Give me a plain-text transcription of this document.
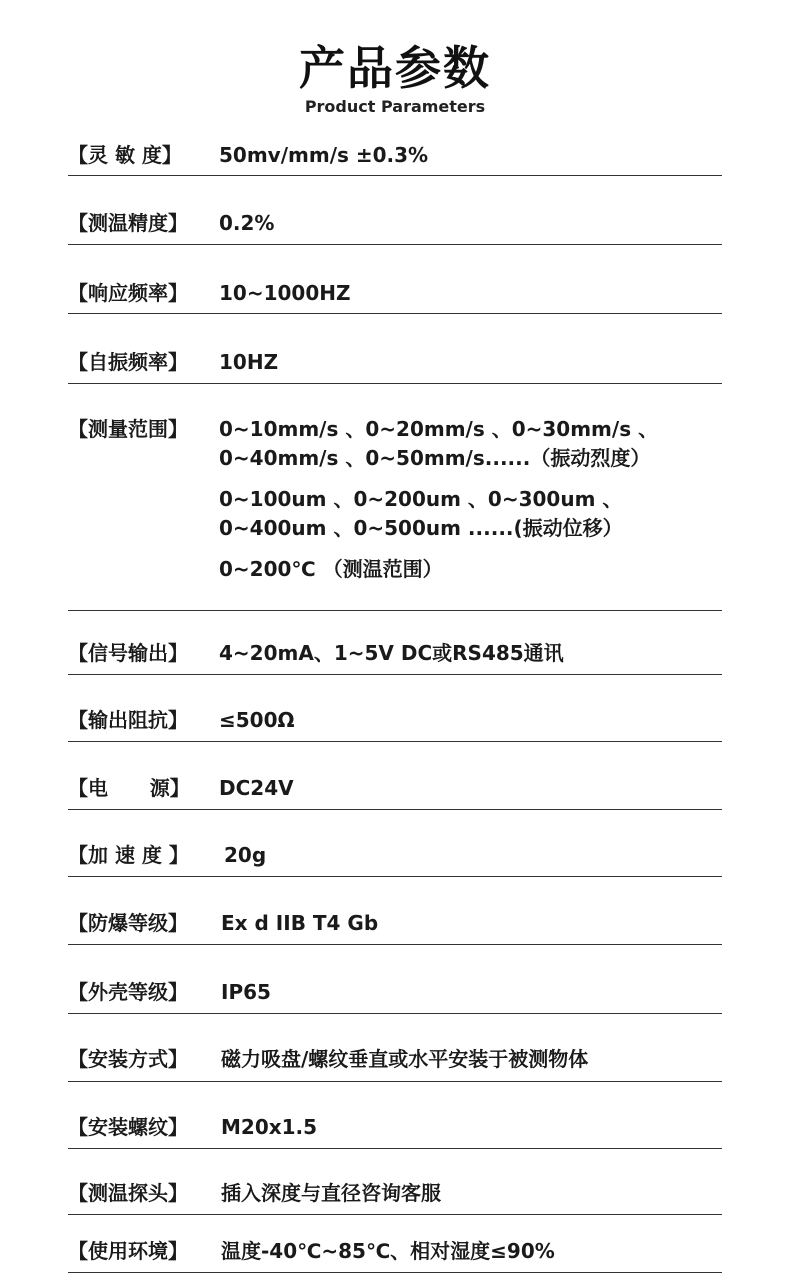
产品参数
Product Parameters
【灵 敏 度】 50mv/mm/s ±0.3%
【测温精度】 0.2%
【响应频率】 10~1000HZ
【自振频率】 10HZ
【测量范围】 0~10mm/s 、0~20mm/s 、0~30mm/s 、
0~40mm/s 、0~50mm/s......（振动烈度）
0~100um 、0~200um 、0~300um 、
0~400um 、0~500um ......(振动位移）
0~200℃ （测温范围）
【信号输出】 4~20mA、1~5V DC或RS485通讯
【输出阻抗】 ≤500Ω
【电      源】 DC24V
【加 速 度 】 20g
【防爆等级】 Ex d IIB T4 Gb
【外壳等级】 IP65
【安装方式】 磁力吸盘/螺纹垂直或水平安装于被测物体
【安装螺纹】 M20x1.5
【测温探头】 插入深度与直径咨询客服
【使用环境】 温度-40℃~85℃、相对湿度≤90%
